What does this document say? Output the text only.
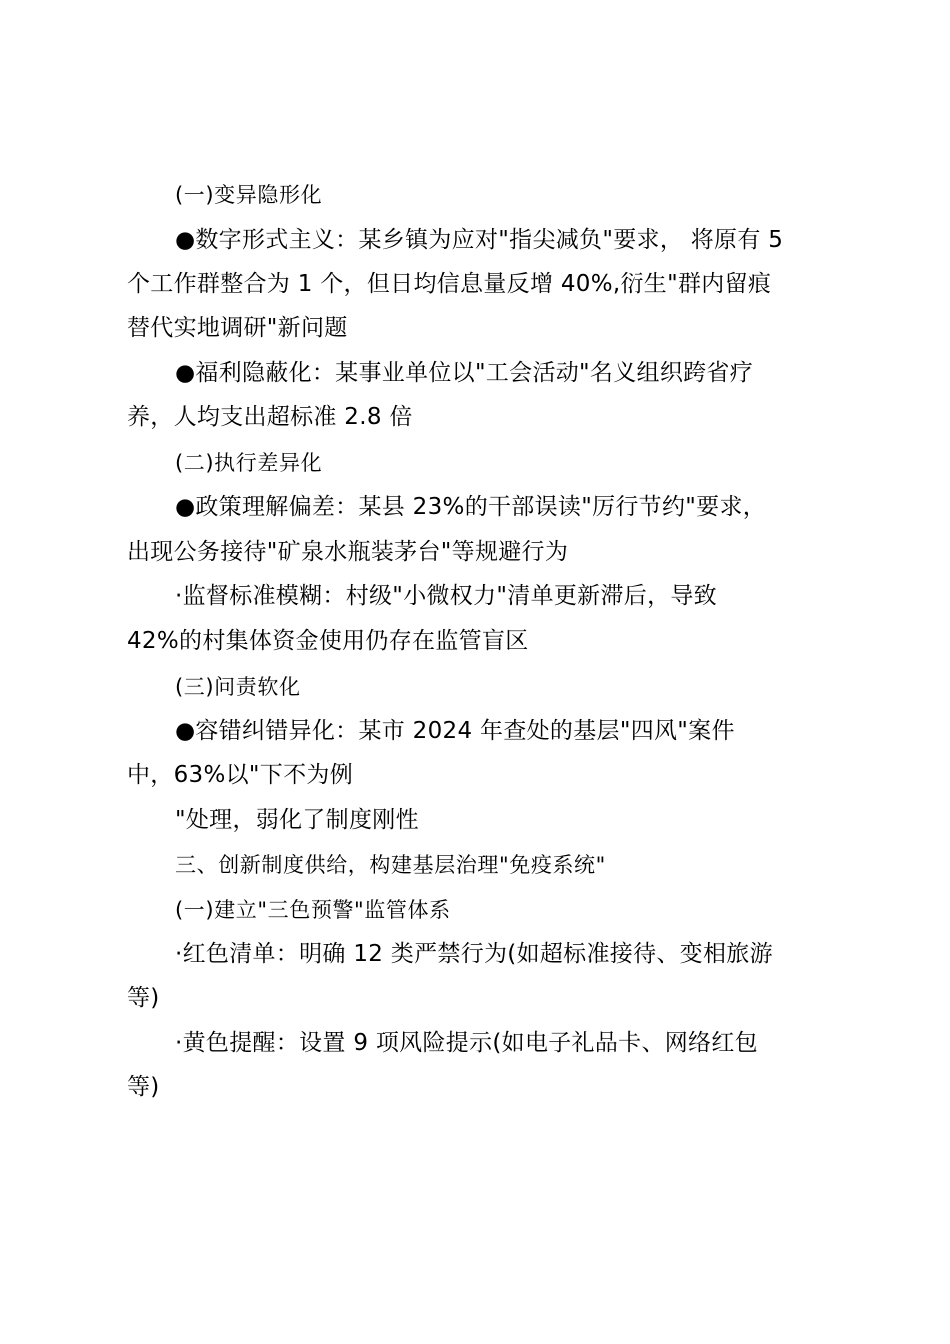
(一)变异隐形化
●数字形式主义：某乡镇为应对"指尖减负"要求， 将原有 5
个工作群整合为 1 个，但日均信息量反增 40%,衍生"群内留痕
替代实地调研"新问题
●福利隐蔽化：某事业单位以"工会活动"名义组织跨省疗
养，人均支出超标准 2.8 倍
(二)执行差异化
●政策理解偏差：某县 23%的干部误读"厉行节约"要求，
出现公务接待"矿泉水瓶装茅台"等规避行为
·监督标准模糊：村级"小微权力"清单更新滞后，导致
42%的村集体资金使用仍存在监管盲区
(三)问责软化
●容错纠错异化：某市 2024 年查处的基层"四风"案件
中，63%以"下不为例
"处理，弱化了制度刚性
三、创新制度供给，构建基层治理"免疫系统"
(一)建立"三色预警"监管体系
·红色清单：明确 12 类严禁行为(如超标准接待、变相旅游
等)
·黄色提醒：设置 9 项风险提示(如电子礼品卡、网络红包
等)
